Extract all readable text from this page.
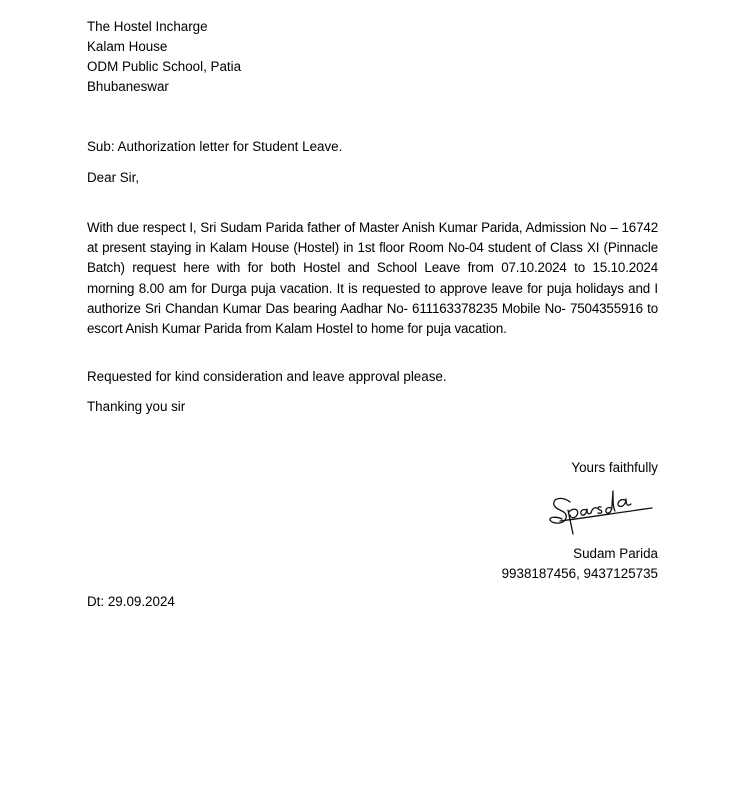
The Hostel Incharge
Kalam House
ODM Public School, Patia
Bhubaneswar
Sub: Authorization letter for Student Leave.
Dear Sir,
With due respect I, Sri Sudam Parida father of Master Anish Kumar Parida, Admission No – 16742 at present staying in Kalam House (Hostel) in 1st floor Room No-04 student of Class XI (Pinnacle Batch) request here with for both Hostel and School Leave from 07.10.2024 to 15.10.2024 morning 8.00 am for Durga puja vacation. It is requested to approve leave for puja holidays and I authorize Sri Chandan Kumar Das bearing Aadhar No- 611163378235 Mobile No- 7504355916 to escort Anish Kumar Parida from Kalam Hostel to home for puja vacation.
Requested for kind consideration and leave approval please.
Thanking you sir
Yours faithfully
Sudam Parida
9938187456, 9437125735
Dt: 29.09.2024
